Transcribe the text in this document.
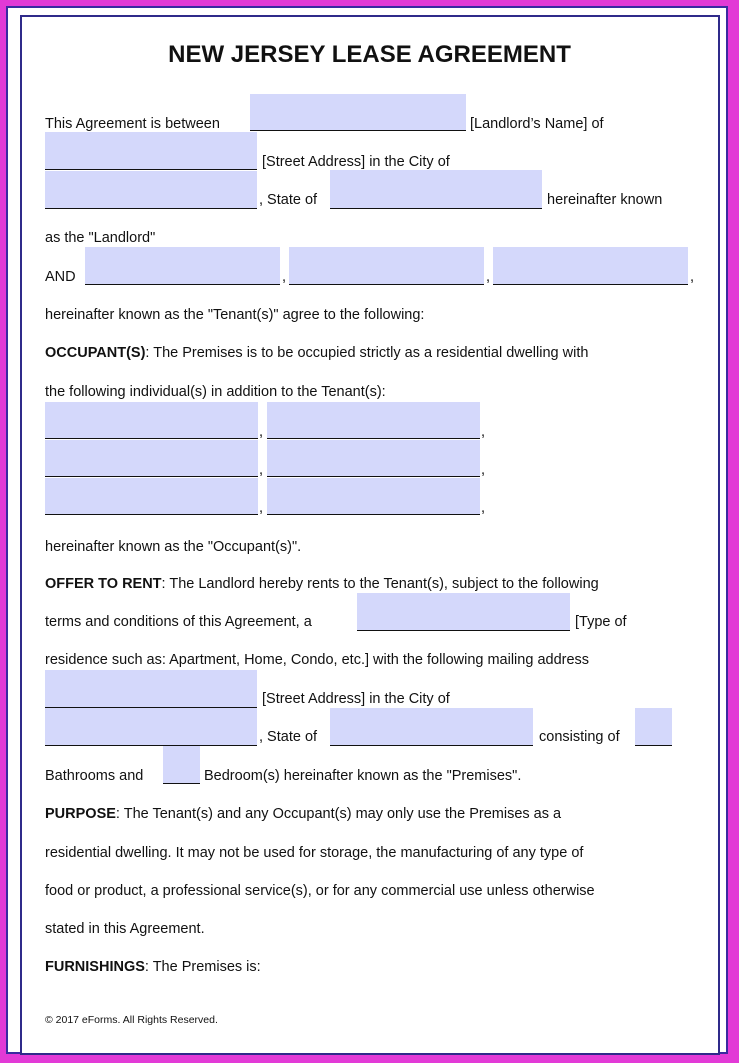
NEW JERSEY LEASE AGREEMENT
This Agreement is between	[Landlord’s Name] of
[Street Address] in the City of
, State of	hereinafter known
as the "Landlord"
AND	,	,	,
hereinafter known as the "Tenant(s)" agree to the following:
OCCUPANT(S): The Premises is to be occupied strictly as a residential dwelling with
the following individual(s) in addition to the Tenant(s):
,	,
,	,
,	,
hereinafter known as the "Occupant(s)".
OFFER TO RENT: The Landlord hereby rents to the Tenant(s), subject to the following
terms and conditions of this Agreement, a	[Type of
residence such as: Apartment, Home, Condo, etc.] with the following mailing address
[Street Address] in the City of
, State of	consisting of
Bathrooms and	Bedroom(s) hereinafter known as the "Premises".
PURPOSE: The Tenant(s) and any Occupant(s) may only use the Premises as a
residential dwelling. It may not be used for storage, the manufacturing of any type of
food or product, a professional service(s), or for any commercial use unless otherwise
stated in this Agreement.
FURNISHINGS: The Premises is:
© 2017 eForms. All Rights Reserved.
